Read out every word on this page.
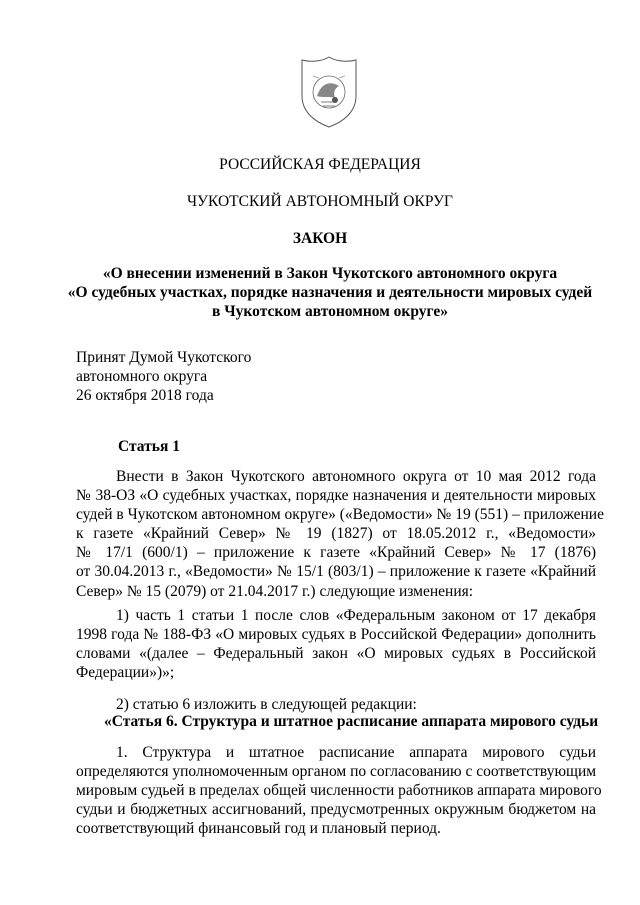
РОССИЙСКАЯ ФЕДЕРАЦИЯ
ЧУКОТСКИЙ АВТОНОМНЫЙ ОКРУГ
ЗАКОН
«О внесении изменений в Закон Чукотского автономного округа
«О судебных участках, порядке назначения и деятельности мировых судей
в Чукотском автономном округе»
Принят Думой Чукотского
автономного округа
26 октября 2018 года
Статья 1
Внести в Закон Чукотского автономного округа от 10 мая 2012 года
№ 38-ОЗ «О судебных участках, порядке назначения и деятельности мировых
судей в Чукотском автономном округе» («Ведомости» № 19 (551) – приложение
к газете «Крайний Север» № 19 (1827) от 18.05.2012 г., «Ведомости»
№ 17/1 (600/1) – приложение к газете «Крайний Север» № 17 (1876)
от 30.04.2013 г., «Ведомости» № 15/1 (803/1) – приложение к газете «Крайний
Север» № 15 (2079) от 21.04.2017 г.) следующие изменения:
1) часть 1 статьи 1 после слов «Федеральным законом от 17 декабря
1998 года № 188-ФЗ «О мировых судьях в Российской Федерации» дополнить
словами «(далее – Федеральный закон «О мировых судьях в Российской
Федерации»)»;
2) статью 6 изложить в следующей редакции:
«Статья 6. Структура и штатное расписание аппарата мирового судьи
1. Структура и штатное расписание аппарата мирового судьи
определяются уполномоченным органом по согласованию с соответствующим
мировым судьей в пределах общей численности работников аппарата мирового
судьи и бюджетных ассигнований, предусмотренных окружным бюджетом на
соответствующий финансовый год и плановый период.
